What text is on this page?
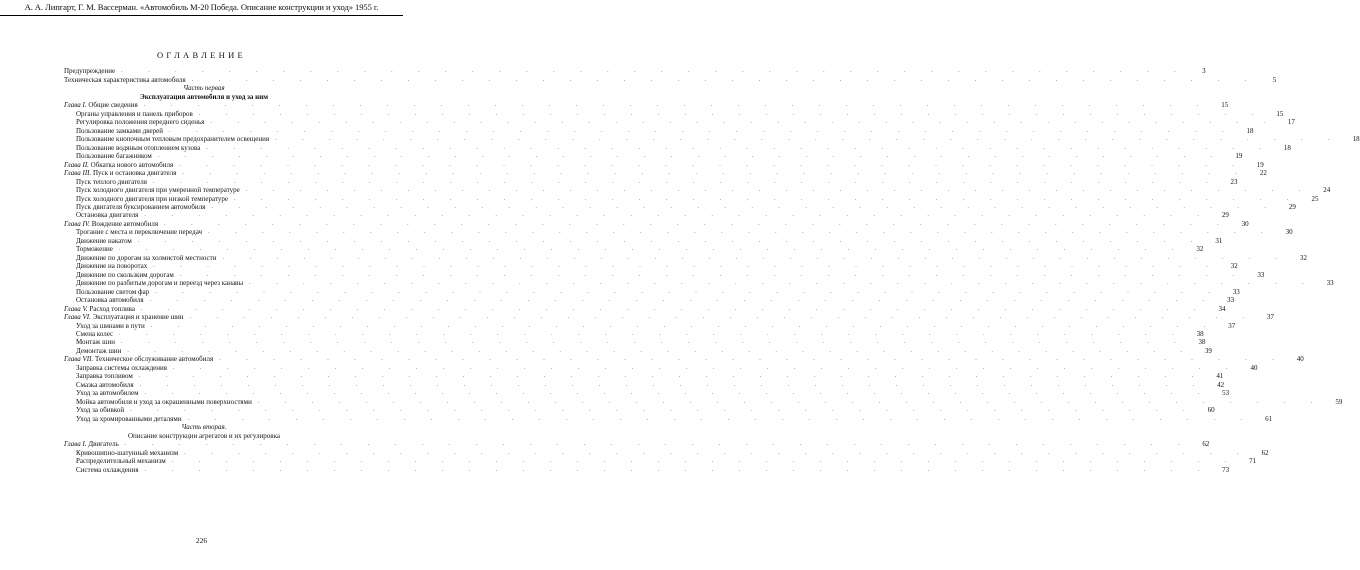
А. А. Липгарт, Г. М. Вассерман. «Автомобиль М-20 Победа. Описание конструкции и уход» 1955 г.
ОГЛАВЛЕНИЕ
Предупреждение	. . . . . . . . . . . . . . . . . . . . . . . . . . . . . . . . . . . . . . . .	3
Техническая характеристика автомобиля	. . . . . . . . . . . . . . . . . . . . . . . . . . . . . . . . . . . . . . . .	5
Часть первая
Эксплуатация автомобиля и уход за ним
Глава I. Общие сведения	. . . . . . . . . . . . . . . . . . . . . . . . . . . . . . . . . . . . . . . .	15
Органы управления и панель приборов	. . . . . . . . . . . . . . . . . . . . . . . . . . . . . . . . . . . . . . . .	15
Регулировка положения переднего сиденья	. . . . . . . . . . . . . . . . . . . . . . . . . . . . . . . . . . . . . . . .	17
Пользование замками дверей	. . . . . . . . . . . . . . . . . . . . . . . . . . . . . . . . . . . . . . . .	18
Пользование кнопочным тепловым предохранителем освещения	. . . . . . . . . . . . . . . . . . . . . . . . . . . . . . . . . . . . . . . .	18
Пользование водяным отоплением кузова	. . . . . . . . . . . . . . . . . . . . . . . . . . . . . . . . . . . . . . . .	18
Пользование багажником	. . . . . . . . . . . . . . . . . . . . . . . . . . . . . . . . . . . . . . . .	19
Глава II. Обкатка нового автомобиля	. . . . . . . . . . . . . . . . . . . . . . . . . . . . . . . . . . . . . . . .	19
Глава III. Пуск и остановка двигателя	. . . . . . . . . . . . . . . . . . . . . . . . . . . . . . . . . . . . . . . .	22
Пуск теплого двигателя	. . . . . . . . . . . . . . . . . . . . . . . . . . . . . . . . . . . . . . . .	23
Пуск холодного двигателя при умеренной температуре	. . . . . . . . . . . . . . . . . . . . . . . . . . . . . . . . . . . . . . . .	24
Пуск холодного двигателя при низкой температуре	. . . . . . . . . . . . . . . . . . . . . . . . . . . . . . . . . . . . . . . .	25
Пуск двигателя буксированием автомобиля	. . . . . . . . . . . . . . . . . . . . . . . . . . . . . . . . . . . . . . . .	29
Остановка двигателя	. . . . . . . . . . . . . . . . . . . . . . . . . . . . . . . . . . . . . . . .	29
Глава IV. Вождение автомобиля	. . . . . . . . . . . . . . . . . . . . . . . . . . . . . . . . . . . . . . . .	30
Трогание с места и переключение передач	. . . . . . . . . . . . . . . . . . . . . . . . . . . . . . . . . . . . . . . .	30
Движение накатом	. . . . . . . . . . . . . . . . . . . . . . . . . . . . . . . . . . . . . . . .	31
Торможение	. . . . . . . . . . . . . . . . . . . . . . . . . . . . . . . . . . . . . . . .	32
Движение по дорогам на холмистой местности	. . . . . . . . . . . . . . . . . . . . . . . . . . . . . . . . . . . . . . . .	32
Движение на поворотах	. . . . . . . . . . . . . . . . . . . . . . . . . . . . . . . . . . . . . . . .	32
Движение по скользким дорогам	. . . . . . . . . . . . . . . . . . . . . . . . . . . . . . . . . . . . . . . .	33
Движение по разбитым дорогам и переезд через канавы	. . . . . . . . . . . . . . . . . . . . . . . . . . . . . . . . . . . . . . . .	33
Пользование светом фар	. . . . . . . . . . . . . . . . . . . . . . . . . . . . . . . . . . . . . . . .	33
Остановка автомобиля	. . . . . . . . . . . . . . . . . . . . . . . . . . . . . . . . . . . . . . . .	33
Глава V. Расход топлива	. . . . . . . . . . . . . . . . . . . . . . . . . . . . . . . . . . . . . . . .	34
Глава VI. Эксплуатация и хранение шин	. . . . . . . . . . . . . . . . . . . . . . . . . . . . . . . . . . . . . . . .	37
Уход за шинами в пути	. . . . . . . . . . . . . . . . . . . . . . . . . . . . . . . . . . . . . . . .	37
Смена колес	. . . . . . . . . . . . . . . . . . . . . . . . . . . . . . . . . . . . . . . .	38
Монтаж шин	. . . . . . . . . . . . . . . . . . . . . . . . . . . . . . . . . . . . . . . .	38
Демонтаж шин	. . . . . . . . . . . . . . . . . . . . . . . . . . . . . . . . . . . . . . . .	39
Глава VII. Техническое обслуживание автомобиля	. . . . . . . . . . . . . . . . . . . . . . . . . . . . . . . . . . . . . . . .	40
Заправка системы охлаждения	. . . . . . . . . . . . . . . . . . . . . . . . . . . . . . . . . . . . . . . .	40
Заправка топливом	. . . . . . . . . . . . . . . . . . . . . . . . . . . . . . . . . . . . . . . .	41
Смазка автомобиля	. . . . . . . . . . . . . . . . . . . . . . . . . . . . . . . . . . . . . . . .	42
Уход за автомобилем	. . . . . . . . . . . . . . . . . . . . . . . . . . . . . . . . . . . . . . . .	53
Мойка автомобиля и уход за окрашенными поверхностями	. . . . . . . . . . . . . . . . . . . . . . . . . . . . . . . . . . . . . . . .	59
Уход за обивкой	. . . . . . . . . . . . . . . . . . . . . . . . . . . . . . . . . . . . . . . .	60
Уход за хромированными деталями	. . . . . . . . . . . . . . . . . . . . . . . . . . . . . . . . . . . . . . . .	61
Часть вторая.
Описание конструкции агрегатов и их регулировка
Глава I. Двигатель	. . . . . . . . . . . . . . . . . . . . . . . . . . . . . . . . . . . . . . . .	62
Кривошипно-шатунный механизм	. . . . . . . . . . . . . . . . . . . . . . . . . . . . . . . . . . . . . . . .	62
Распределительный механизм	. . . . . . . . . . . . . . . . . . . . . . . . . . . . . . . . . . . . . . . .	71
Система охлаждения	. . . . . . . . . . . . . . . . . . . . . . . . . . . . . . . . . . . . . . . .	73
226
